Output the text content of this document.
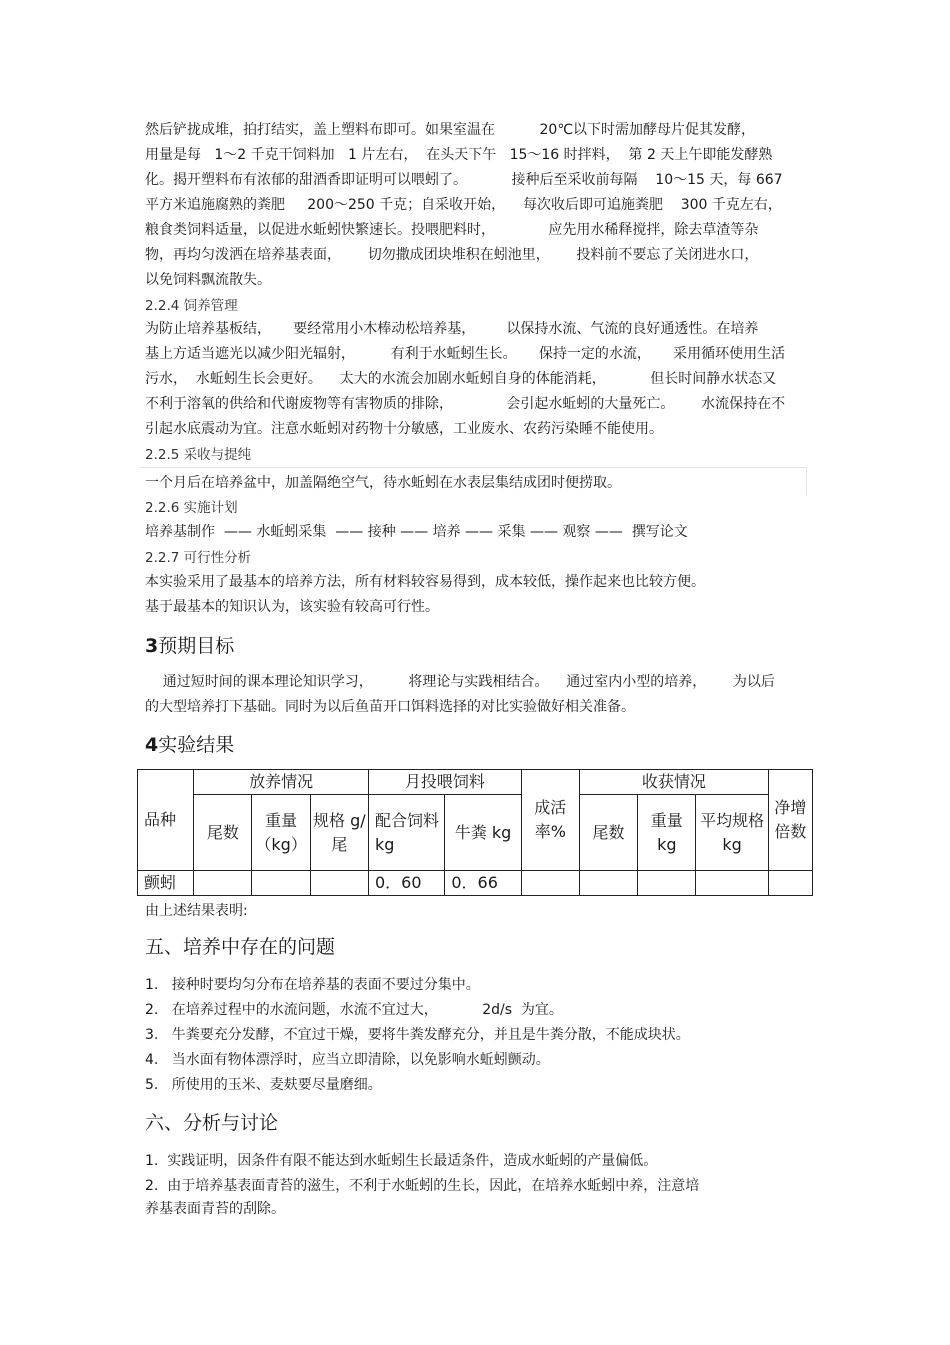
然后铲拢成堆，拍打结实，盖上塑料布即可。如果室温在          20℃以下时需加酵母片促其发酵，
用量是每   1～2 千克干饲料加   1 片左右，  在头天下午   15～16 时拌料，  第 2 天上午即能发酵熟
化。揭开塑料布有浓郁的甜酒香即证明可以喂蚓了。          接种后至采收前每隔    10～15 天，每 667
平方米追施腐熟的粪肥     200～250 千克；自采收开始，    每次收后即可追施粪肥    300 千克左右，
粮食类饲料适量，以促进水蚯蚓快繁速长。投喂肥料时，            应先用水稀释搅拌，除去草渣等杂
物，再均匀泼洒在培养基表面，      切勿撒成团块堆积在蚓池里，      投料前不要忘了关闭进水口，
以免饲料飘流散失。
2.2.4 饲养管理
为防止培养基板结，     要经常用小木棒动松培养基，       以保持水流、气流的良好通透性。在培养
基上方适当遮光以减少阳光辐射，        有利于水蚯蚓生长。     保持一定的水流，     采用循环使用生活
污水，  水蚯蚓生长会更好。    太大的水流会加剧水蚯蚓自身的体能消耗，          但长时间静水状态又
不利于溶氧的供给和代谢废物等有害物质的排除，            会引起水蚯蚓的大量死亡。      水流保持在不
引起水底震动为宜。注意水蚯蚓对药物十分敏感，工业废水、农药污染睡不能使用。
2.2.5 采收与提纯
一个月后在培养盆中，加盖隔绝空气，待水蚯蚓在水表层集结成团时便捞取。
2.2.6 实施计划
培养基制作  —— 水蚯蚓采集  —— 接种 —— 培养 —— 采集 —— 观察 ——  撰写论文
2.2.7 可行性分析
本实验采用了最基本的培养方法，所有材料较容易得到，成本较低，操作起来也比较方便。
基于最基本的知识认为，该实验有较高可行性。
3预期目标
通过短时间的课本理论知识学习，        将理论与实践相结合。    通过室内小型的培养，      为以后
的大型培养打下基础。同时为以后鱼苗开口饵料选择的对比实验做好相关准备。
4实验结果
品种	放养情况			月投喂饲料		成活率%	收获情况			净增倍数
	尾数	重量（kg）	规格 g/ 尾	配合饲料 kg	牛粪 kg		尾数	重量 kg	平均规格 kg	
颤蚓				0．60	0．66					
由上述结果表明:
五、培养中存在的问题
1.   接种时要均匀分布在培养基的表面不要过分集中。
2.   在培养过程中的水流问题，水流不宜过大，          2d/s  为宜。
3.   牛粪要充分发酵，不宜过干燥，要将牛粪发酵充分，并且是牛粪分散，不能成块状。
4.   当水面有物体漂浮时，应当立即清除，以免影响水蚯蚓颤动。
5.   所使用的玉米、麦麸要尽量磨细。
六、分析与讨论
1.  实践证明，因条件有限不能达到水蚯蚓生长最适条件，造成水蚯蚓的产量偏低。
2.  由于培养基表面青苔的滋生，不利于水蚯蚓的生长，因此，在培养水蚯蚓中养，注意培
养基表面青苔的刮除。
